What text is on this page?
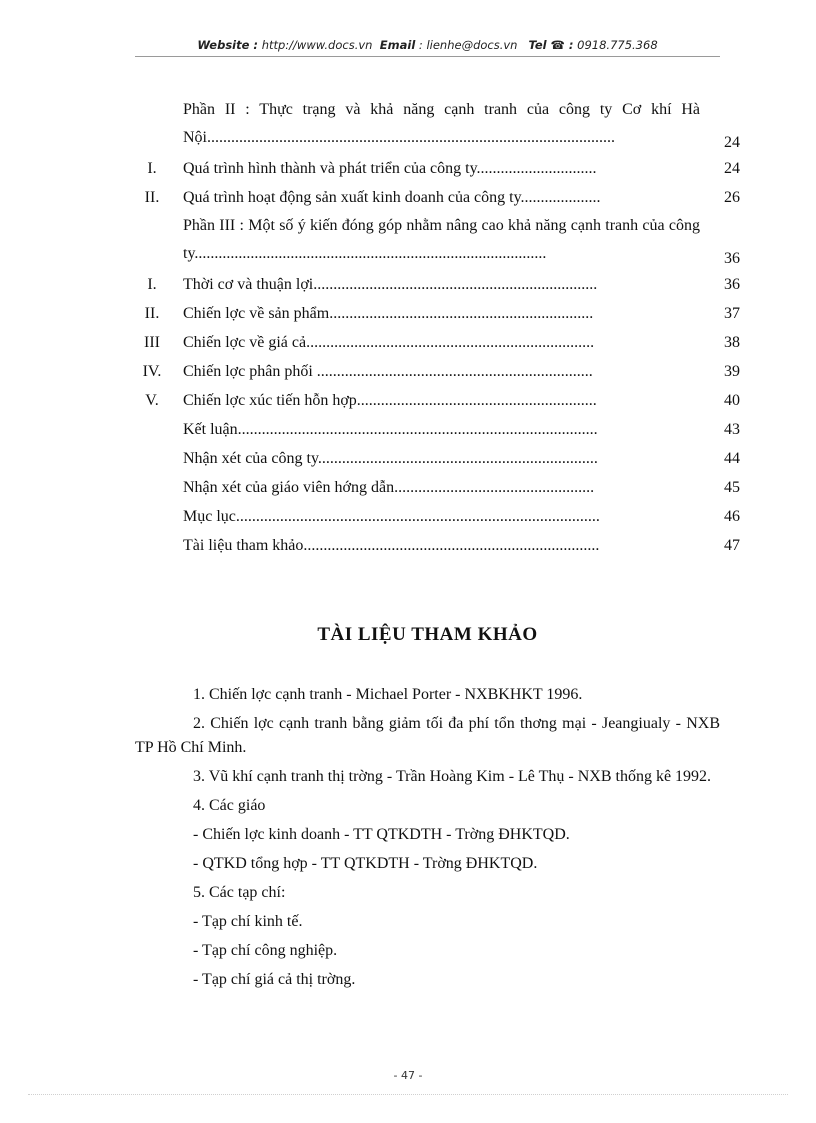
Website : http://www.docs.vn Email : lienhe@docs.vn Tel ☎ : 0918.775.368
Phần II : Thực trạng và khả năng cạnh tranh của công ty Cơ khí Hà Nội......................................................................................................	24
I.	Quá trình hình thành và phát triển của công ty..............................	24
II.	Quá trình hoạt động sản xuất kinh doanh của công ty....................	26
Phần III : Một số ý kiến đóng góp nhằm nâng cao khả năng cạnh tranh của công ty........................................................................................	36
I.	Thời cơ và thuận lợi.......................................................................	36
II.	Chiến lợc về sản phẩm..................................................................	37
III	Chiến lợc về giá cả........................................................................	38
IV.	Chiến lợc phân phối .....................................................................	39
V.	Chiến lợc xúc tiến hỗn hợp............................................................	40
Kết luận..........................................................................................	43
Nhận xét của công ty......................................................................	44
Nhận xét của giáo viên hớng dẫn..................................................	45
Mục lục...........................................................................................	46
Tài liệu tham khảo..........................................................................	47
TÀI LIỆU THAM KHẢO

1. Chiến lợc cạnh tranh - Michael Porter - NXBKHKT 1996.

2. Chiến lợc cạnh tranh bằng giảm tối đa phí tổn thơng mại - Jeangiualy - NXB TP Hồ Chí Minh.

3. Vũ khí cạnh tranh thị trờng - Trần Hoàng Kim - Lê Thụ - NXB thống kê 1992.

4. Các giáo

- Chiến lợc kinh doanh - TT QTKDTH - Trờng ĐHKTQD.

- QTKD tổng hợp - TT QTKDTH - Trờng ĐHKTQD.

5. Các tạp chí:

- Tạp chí kinh tế.

- Tạp chí công nghiệp.

- Tạp chí giá cả thị trờng.

- 47 -
